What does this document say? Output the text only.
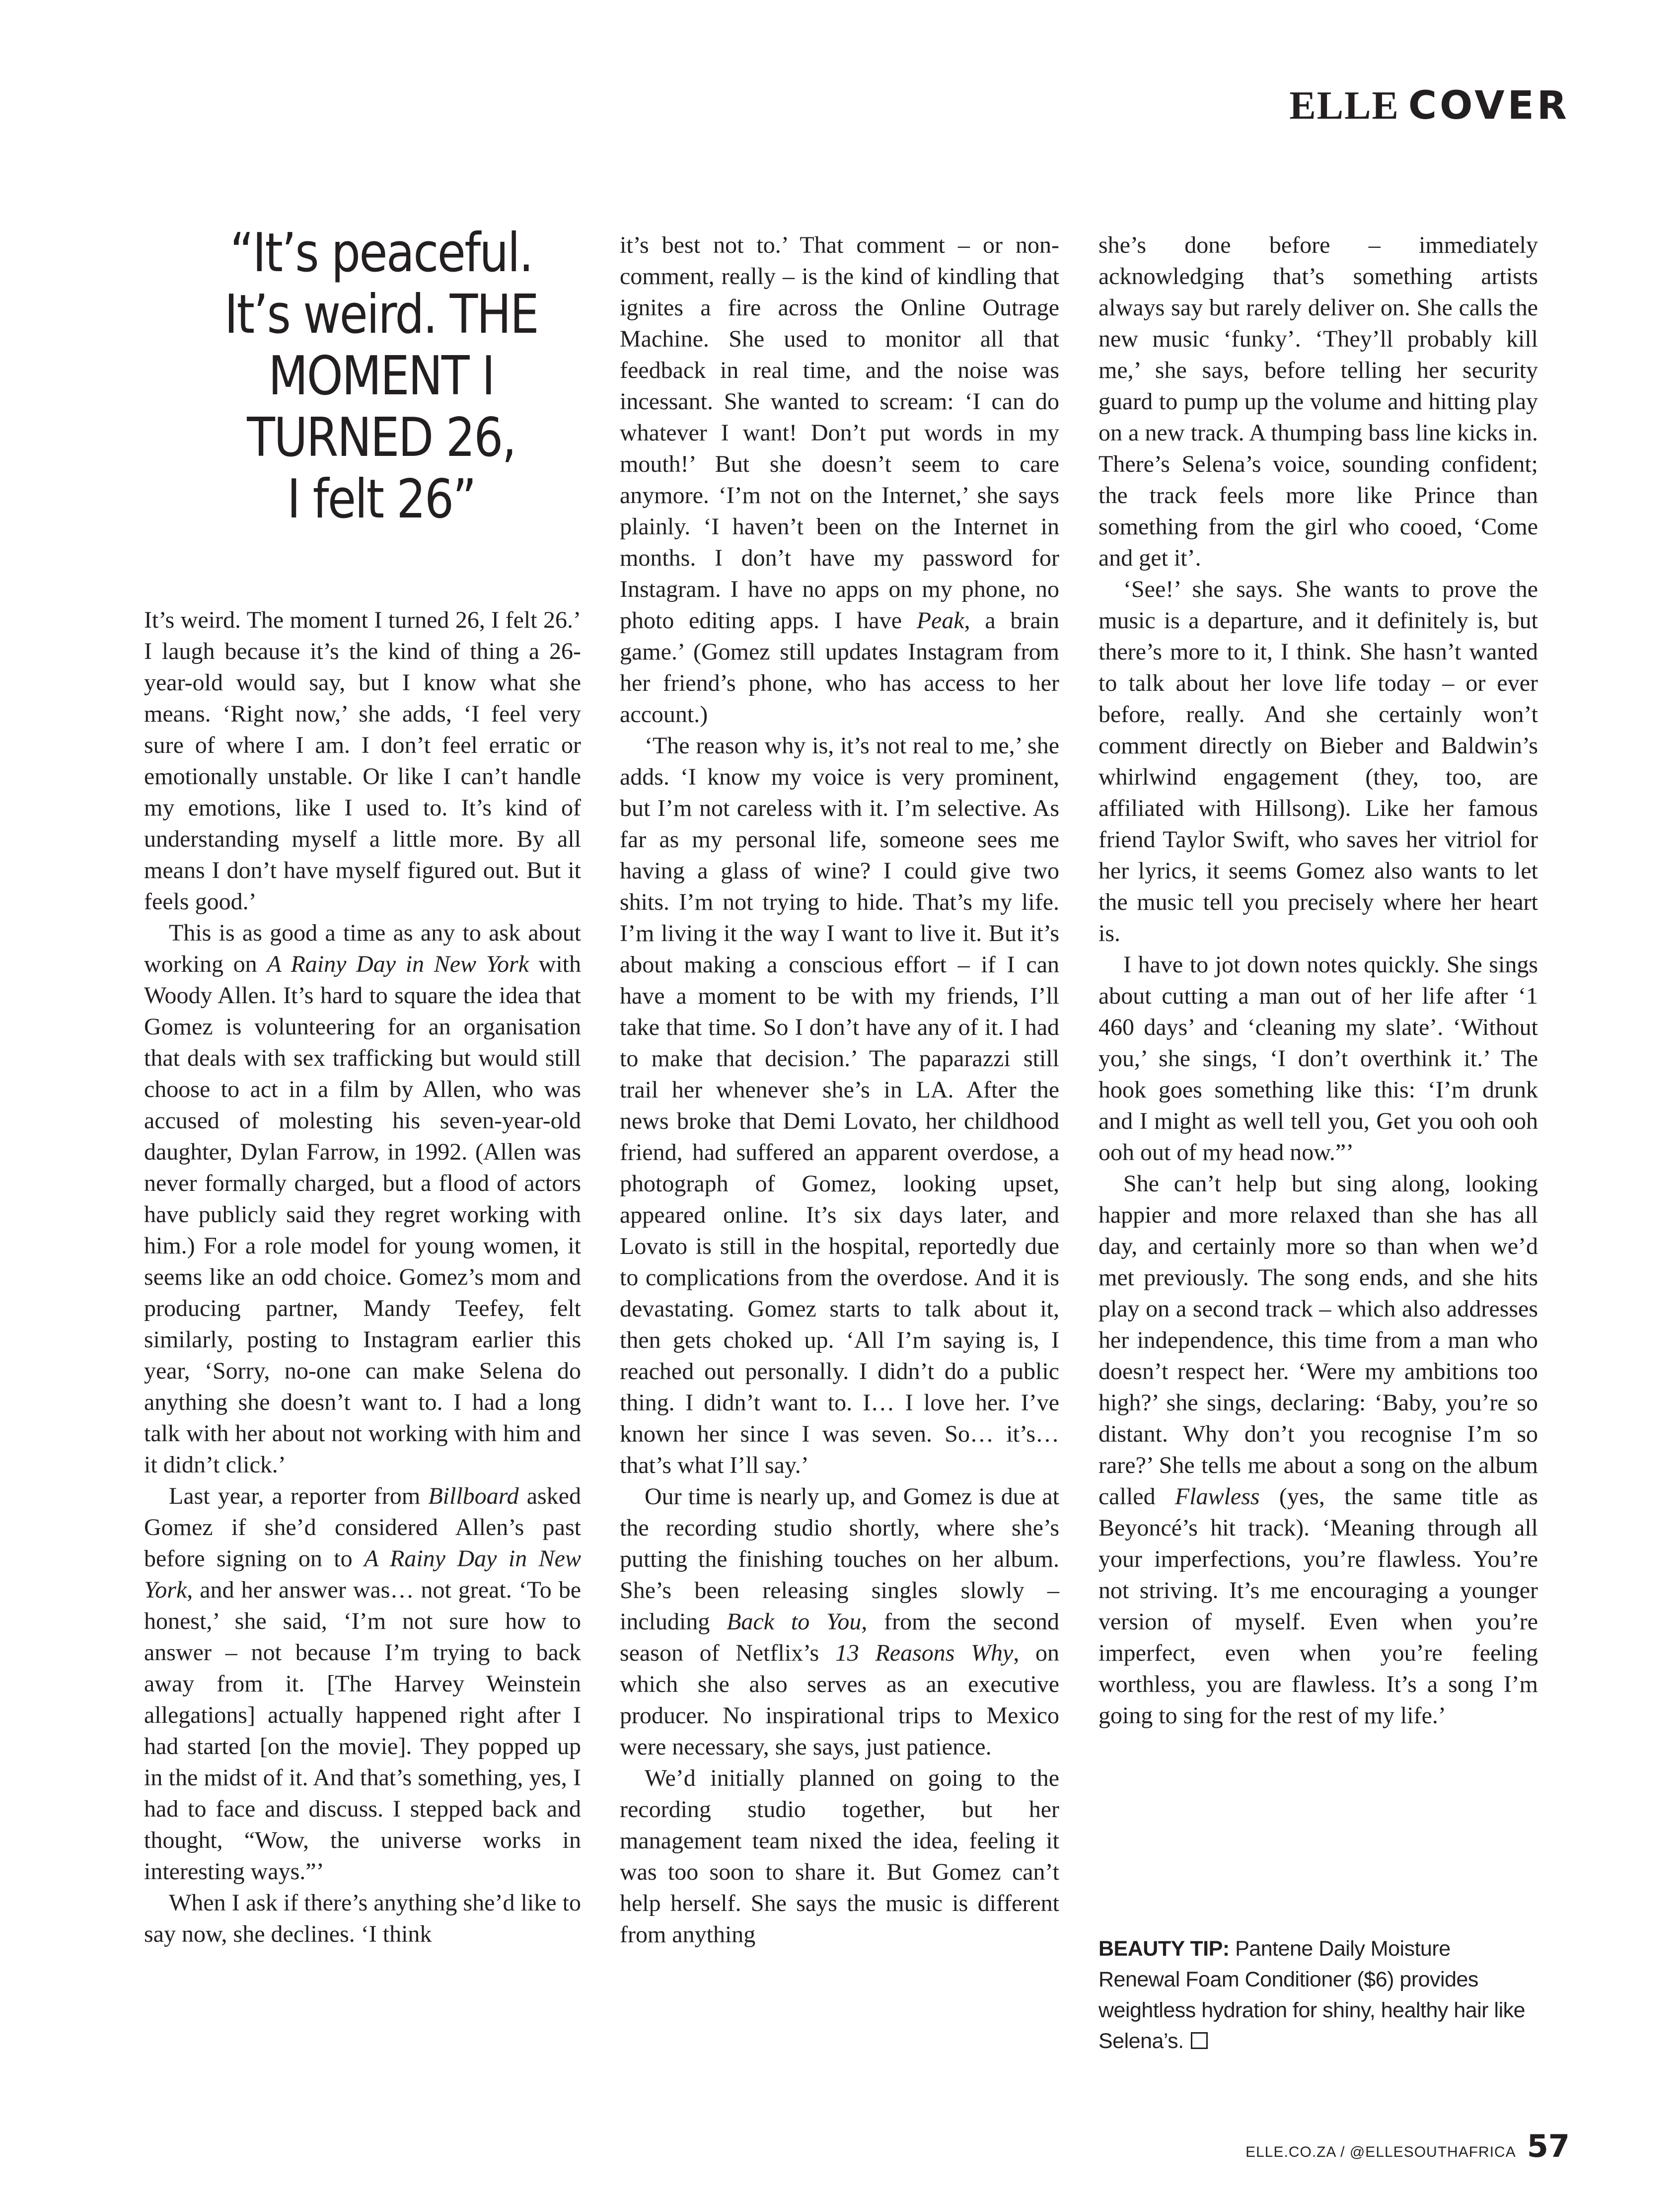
ELLE COVER
“It’s peaceful.
It’s weird. THE
MOMENT I
TURNED 26,
I felt 26”

It’s weird. The moment I turned 26, I felt 26.’ I laugh because it’s the kind of thing a 26-year-old would say, but I know what she means. ‘Right now,’ she adds, ‘I feel very sure of where I am. I don’t feel erratic or emotionally unstable. Or like I can’t handle my emotions, like I used to. It’s kind of understanding myself a little more. By all means I don’t have myself figured out. But it feels good.’

This is as good a time as any to ask about working on A Rainy Day in New York with Woody Allen. It’s hard to square the idea that Gomez is volunteering for an organisation that deals with sex trafficking but would still choose to act in a film by Allen, who was accused of molesting his seven-year-old daughter, Dylan Farrow, in 1992. (Allen was never formally charged, but a flood of actors have publicly said they regret working with him.) For a role model for young women, it seems like an odd choice. Gomez’s mom and producing partner, Mandy Teefey, felt similarly, posting to Instagram earlier this year, ‘Sorry, no-one can make Selena do anything she doesn’t want to. I had a long talk with her about not working with him and it didn’t click.’

Last year, a reporter from Billboard asked Gomez if she’d considered Allen’s past before signing on to A Rainy Day in New York, and her answer was… not great. ‘To be honest,’ she said, ‘I’m not sure how to answer – not because I’m trying to back away from it. [The Harvey Weinstein allegations] actually happened right after I had started [on the movie]. They popped up in the midst of it. And that’s something, yes, I had to face and discuss. I stepped back and thought, “Wow, the universe works in interesting ways.”’

When I ask if there’s anything she’d like to say now, she declines. ‘I think

it’s best not to.’ That comment – or non-comment, really – is the kind of kindling that ignites a fire across the Online Outrage Machine. She used to monitor all that feedback in real time, and the noise was incessant. She wanted to scream: ‘I can do whatever I want! Don’t put words in my mouth!’ But she doesn’t seem to care anymore. ‘I’m not on the Internet,’ she says plainly. ‘I haven’t been on the Internet in months. I don’t have my password for Instagram. I have no apps on my phone, no photo editing apps. I have Peak, a brain game.’ (Gomez still updates Instagram from her friend’s phone, who has access to her account.)

‘The reason why is, it’s not real to me,’ she adds. ‘I know my voice is very prominent, but I’m not careless with it. I’m selective. As far as my personal life, someone sees me having a glass of wine? I could give two shits. I’m not trying to hide. That’s my life. I’m living it the way I want to live it. But it’s about making a conscious effort – if I can have a moment to be with my friends, I’ll take that time. So I don’t have any of it. I had to make that decision.’ The paparazzi still trail her whenever she’s in LA. After the news broke that Demi Lovato, her childhood friend, had suffered an apparent overdose, a photograph of Gomez, looking upset, appeared online. It’s six days later, and Lovato is still in the hospital, reportedly due to complications from the overdose. And it is devastating. Gomez starts to talk about it, then gets choked up. ‘All I’m saying is, I reached out personally. I didn’t do a public thing. I didn’t want to. I… I love her. I’ve known her since I was seven. So… it’s… that’s what I’ll say.’

Our time is nearly up, and Gomez is due at the recording studio shortly, where she’s putting the finishing touches on her album. She’s been releasing singles slowly – including Back to You, from the second season of Netflix’s 13 Reasons Why, on which she also serves as an executive producer. No inspirational trips to Mexico were necessary, she says, just patience.

We’d initially planned on going to the recording studio together, but her management team nixed the idea, feeling it was too soon to share it. But Gomez can’t help herself. She says the music is different from anything

she’s done before – immediately acknowledging that’s something artists always say but rarely deliver on. She calls the new music ‘funky’. ‘They’ll probably kill me,’ she says, before telling her security guard to pump up the volume and hitting play on a new track. A thumping bass line kicks in. There’s Selena’s voice, sounding confident; the track feels more like Prince than something from the girl who cooed, ‘Come and get it’.

‘See!’ she says. She wants to prove the music is a departure, and it definitely is, but there’s more to it, I think. She hasn’t wanted to talk about her love life today – or ever before, really. And she certainly won’t comment directly on Bieber and Baldwin’s whirlwind engagement (they, too, are affiliated with Hillsong). Like her famous friend Taylor Swift, who saves her vitriol for her lyrics, it seems Gomez also wants to let the music tell you precisely where her heart is.

I have to jot down notes quickly. She sings about cutting a man out of her life after ‘1 460 days’ and ‘cleaning my slate’. ‘Without you,’ she sings, ‘I don’t overthink it.’ The hook goes something like this: ‘I’m drunk and I might as well tell you, Get you ooh ooh ooh out of my head now.”’

She can’t help but sing along, looking happier and more relaxed than she has all day, and certainly more so than when we’d met previously. The song ends, and she hits play on a second track – which also addresses her independence, this time from a man who doesn’t respect her. ‘Were my ambitions too high?’ she sings, declaring: ‘Baby, you’re so distant. Why don’t you recognise I’m so rare?’ She tells me about a song on the album called Flawless (yes, the same title as Beyoncé’s hit track). ‘Meaning through all your imperfections, you’re flawless. You’re not striving. It’s me encouraging a younger version of myself. Even when you’re imperfect, even when you’re feeling worthless, you are flawless. It’s a song I’m going to sing for the rest of my life.’

BEAUTY TIP: Pantene Daily Moisture Renewal Foam Conditioner ($6) provides weightless hydration for shiny, healthy hair like Selena’s.
ELLE.CO.ZA / @ELLESOUTHAFRICA 57
